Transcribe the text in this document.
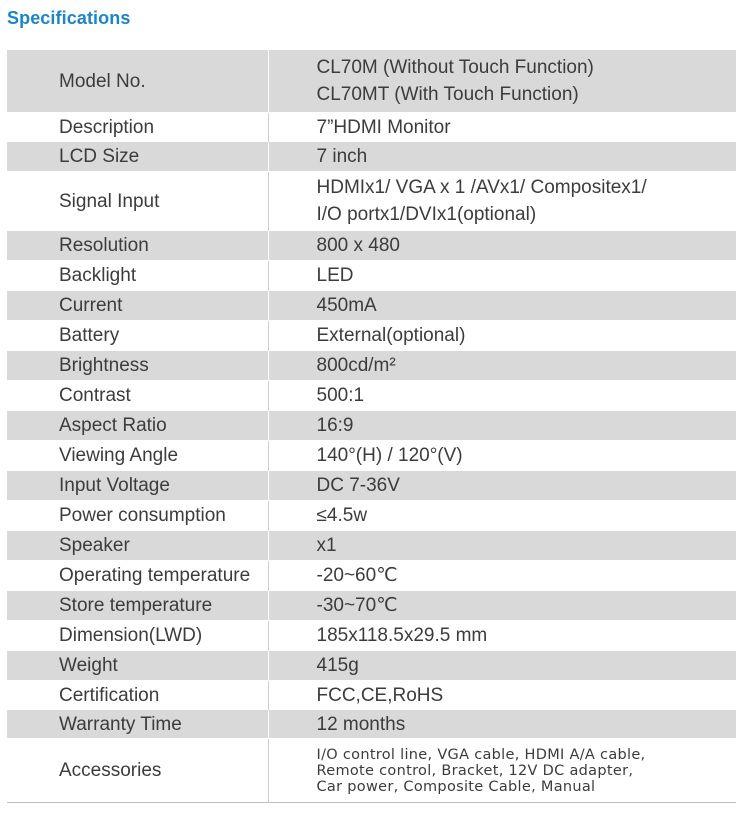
Specifications
Model No.	CL70M (Without Touch Function)
CL70MT (With Touch Function)

Description	7”HDMI Monitor
LCD Size	7 inch
Signal Input	HDMIx1/ VGA x 1 /AVx1/ Compositex1/
I/O portx1/DVIx1(optional)

Resolution	800 x 480
Backlight	LED
Current	450mA
Battery	External(optional)
Brightness	800cd/m²
Contrast	500:1
Aspect Ratio	16:9
Viewing Angle	140°(H) / 120°(V)
Input Voltage	DC 7-36V
Power consumption	≤4.5w
Speaker	x1
Operating temperature	-20~60℃
Store temperature	-30~70℃
Dimension(LWD)	185x118.5x29.5 mm
Weight	415g
Certification	FCC,CE,RoHS
Warranty Time	12 months
Accessories	I/O control line, VGA cable, HDMI A/A cable,
Remote control, Bracket, 12V DC adapter,
Car power, Composite Cable, Manual
